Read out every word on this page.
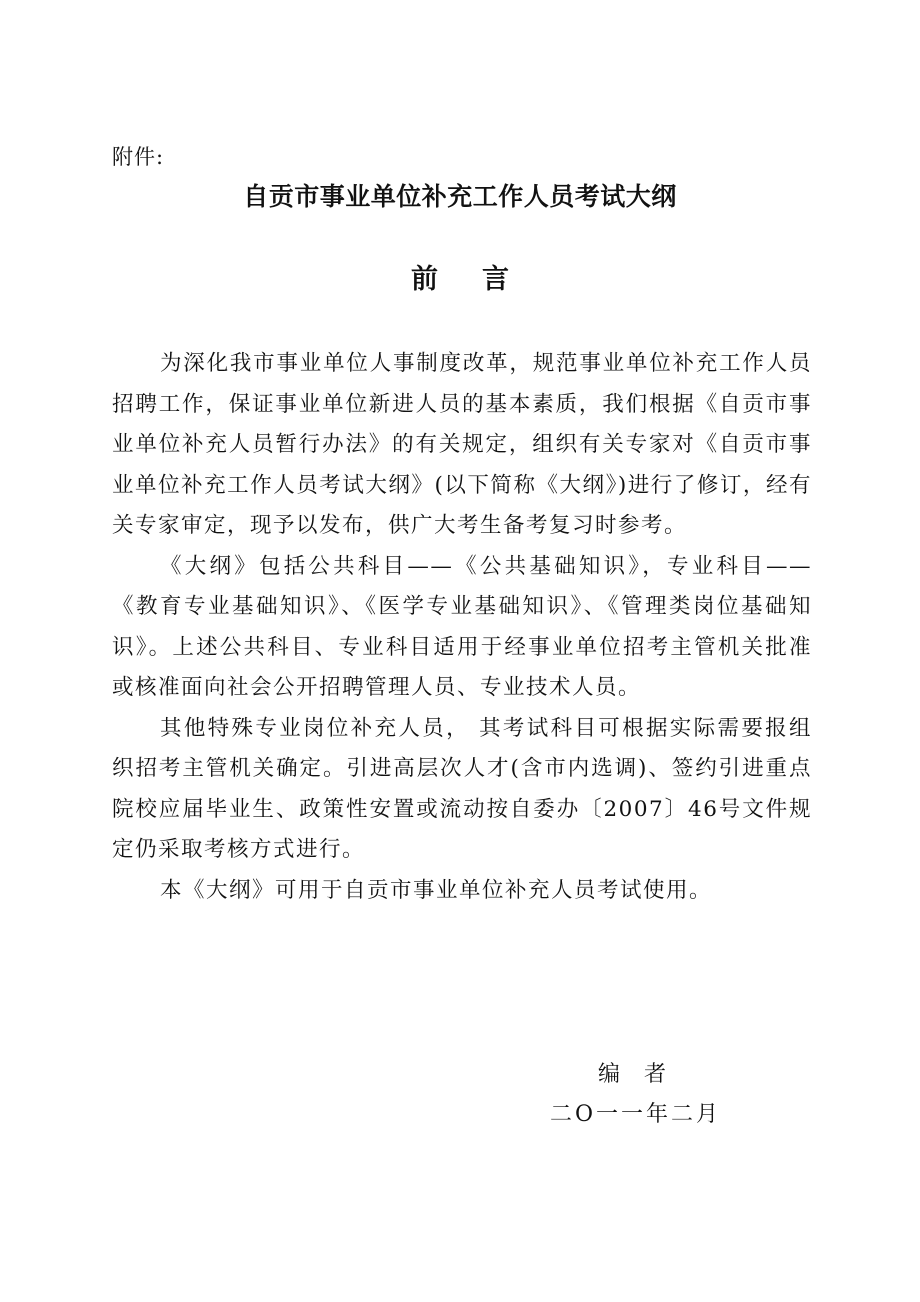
附件:
自贡市事业单位补充工作人员考试大纲
前 言

为深化我市事业单位人事制度改革，规范事业单位补充工作人员招聘工作，保证事业单位新进人员的基本素质，我们根据《自贡市事业单位补充人员暂行办法》的有关规定，组织有关专家对《自贡市事业单位补充工作人员考试大纲》(以下简称《大纲》)进行了修订，经有关专家审定，现予以发布，供广大考生备考复习时参考。

《大纲》包括公共科目——《公共基础知识》，专业科目——《教育专业基础知识》、《医学专业基础知识》、《管理类岗位基础知识》。上述公共科目、专业科目适用于经事业单位招考主管机关批准或核准面向社会公开招聘管理人员、专业技术人员。

其他特殊专业岗位补充人员， 其考试科目可根据实际需要报组织招考主管机关确定。引进高层次人才(含市内选调)、签约引进重点院校应届毕业生、政策性安置或流动按自委办〔2007〕46号文件规定仍采取考核方式进行。

本《大纲》可用于自贡市事业单位补充人员考试使用。

编 者
二O一一年二月
